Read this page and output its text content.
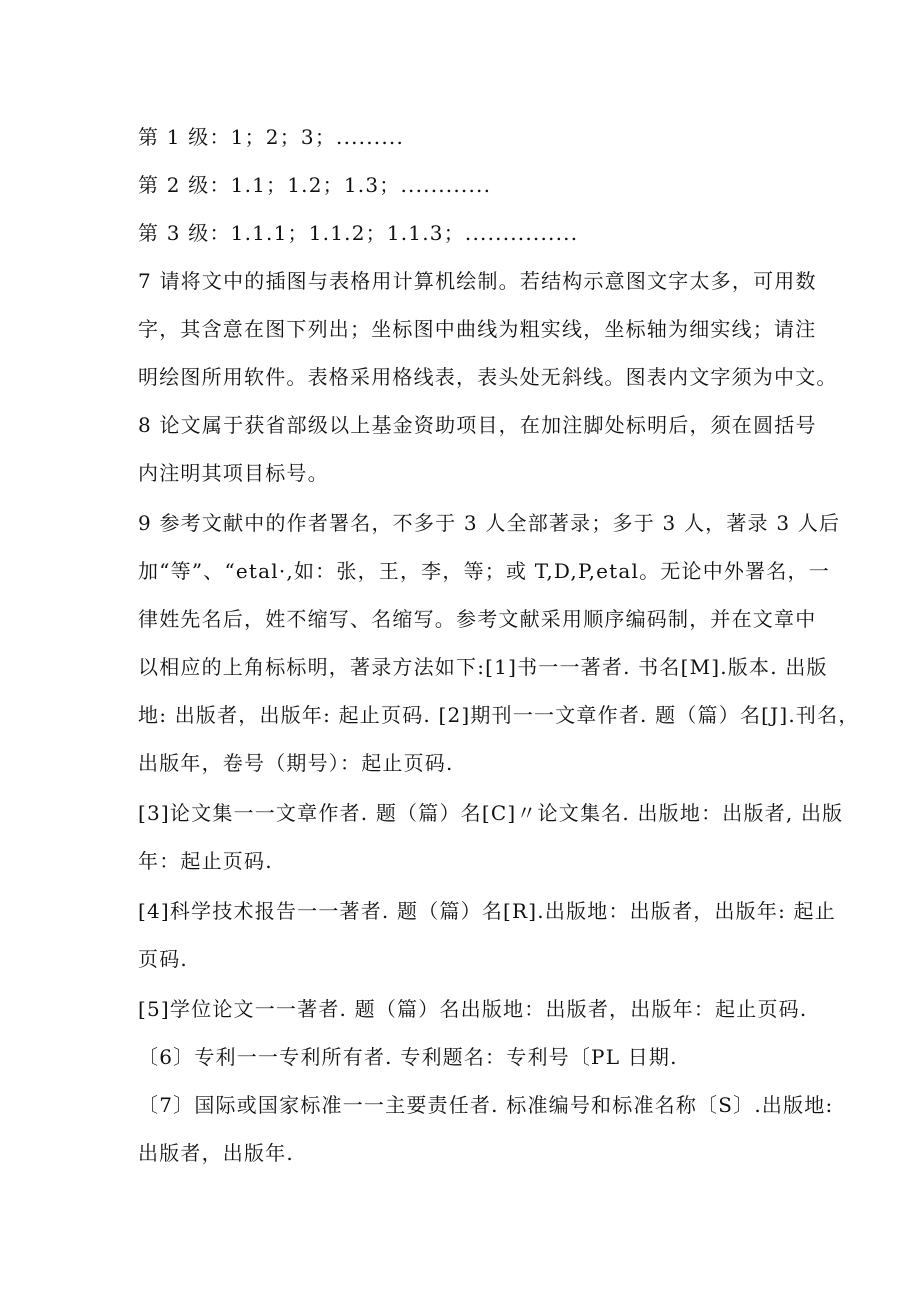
第 1 级：1；2；3；.........
第 2 级：1.1；1.2；1.3；............
第 3 级：1.1.1；1.1.2；1.1.3；...............
7 请将文中的插图与表格用计算机绘制。若结构示意图文字太多，可用数
字，其含意在图下列出；坐标图中曲线为粗实线，坐标轴为细实线；请注
明绘图所用软件。表格采用格线表，表头处无斜线。图表内文字须为中文。
8 论文属于获省部级以上基金资助项目，在加注脚处标明后，须在圆括号
内注明其项目标号。
9 参考文献中的作者署名，不多于 3 人全部著录；多于 3 人，著录 3 人后
加“等”、“etal·,如：张，王，李，等；或 T,D,P,etal。无论中外署名，一
律姓先名后，姓不缩写、名缩写。参考文献采用顺序编码制，并在文章中
以相应的上角标标明，著录方法如下:[1]书一一著者. 书名[M].版本. 出版
地: 出版者，出版年: 起止页码. [2]期刊一一文章作者. 题（篇）名[J].刊名，
出版年，卷号（期号）：起止页码.
[3]论文集一一文章作者. 题（篇）名[C]〃论文集名. 出版地：出版者, 出版
年：起止页码.
[4]科学技术报告一一著者. 题（篇）名[R].出版地：出版者，出版年: 起止
页码.
[5]学位论文一一著者. 题（篇）名出版地：出版者，出版年：起止页码.
〔6〕专利一一专利所有者. 专利题名：专利号〔PL 日期.
〔7〕国际或国家标准一一主要责任者. 标准编号和标准名称〔S〕.出版地:
出版者，出版年.
